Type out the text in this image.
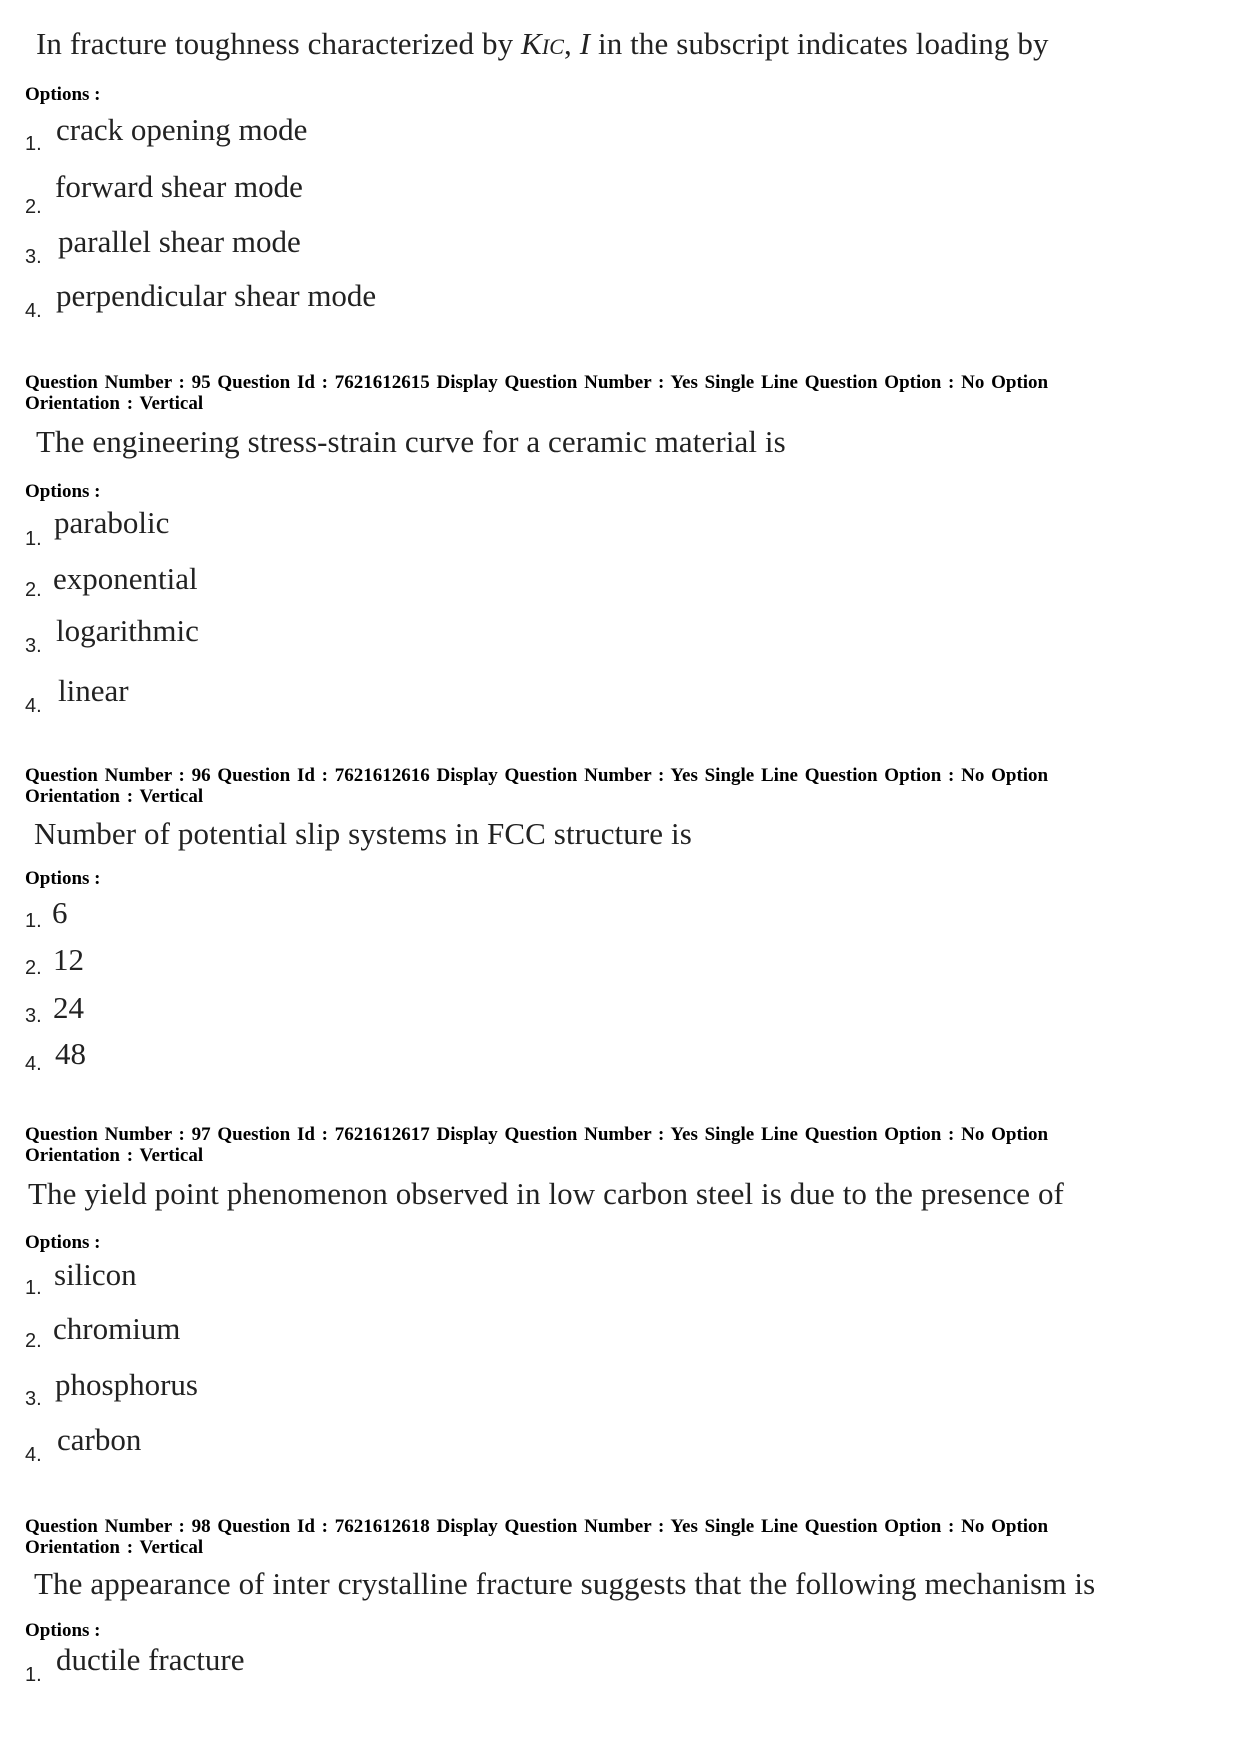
In fracture toughness characterized by KIC, I in the subscript indicates loading by
Options :
1. crack opening mode
2.
forward shear mode
3. parallel shear mode
4. perpendicular shear mode
Question Number : 95 Question Id : 7621612615 Display Question Number : Yes Single Line Question Option : No Option
Orientation : Vertical
The engineering stress-strain curve for a ceramic material is
Options :
1. parabolic
2. exponential
3. logarithmic
4. linear
Question Number : 96 Question Id : 7621612616 Display Question Number : Yes Single Line Question Option : No Option
Orientation : Vertical
Number of potential slip systems in FCC structure is
Options :
1. 6
2. 12
3. 24
4. 48
Question Number : 97 Question Id : 7621612617 Display Question Number : Yes Single Line Question Option : No Option
Orientation : Vertical
The yield point phenomenon observed in low carbon steel is due to the presence of
Options :
1. silicon
2. chromium
3. phosphorus
4. carbon
Question Number : 98 Question Id : 7621612618 Display Question Number : Yes Single Line Question Option : No Option
Orientation : Vertical
The appearance of inter crystalline fracture suggests that the following mechanism is
Options :
1. ductile fracture
